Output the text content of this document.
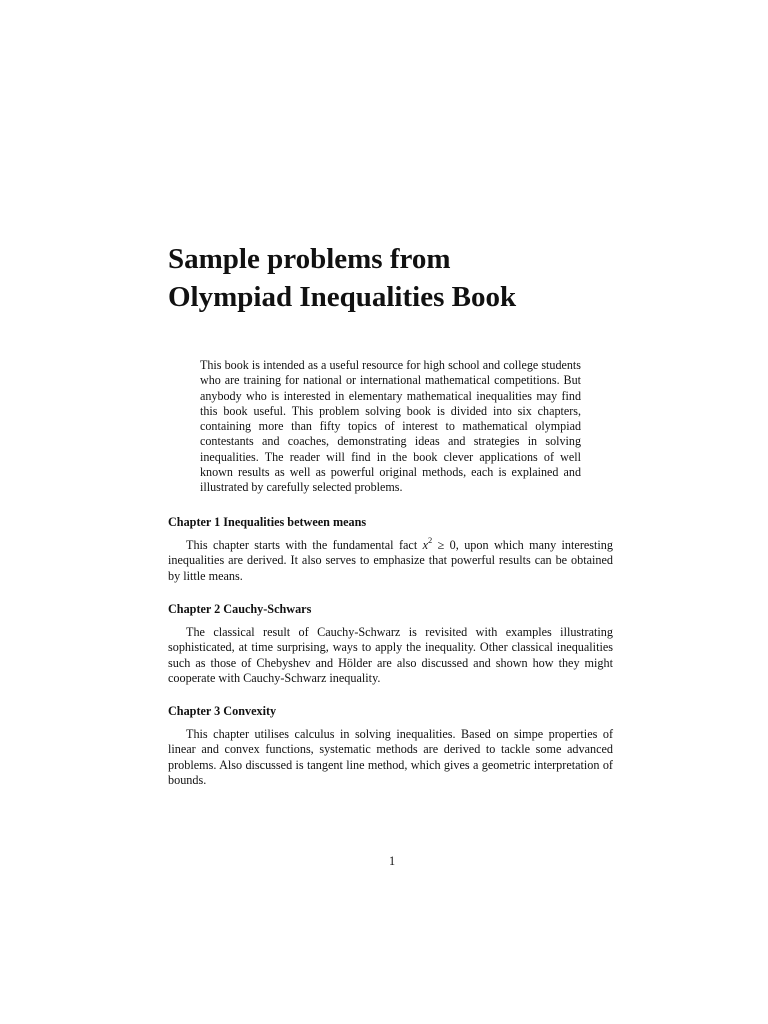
Sample problems from
Olympiad Inequalities Book

This book is intended as a useful resource for high school and college students who are training for national or international mathematical competitions. But anybody who is interested in elementary mathematical inequalities may find this book useful. This problem solving book is divided into six chapters, containing more than fifty topics of interest to mathematical olympiad contestants and coaches, demonstrating ideas and strategies in solving inequalities. The reader will find in the book clever applications of well known results as well as powerful original methods, each is explained and illustrated by carefully selected problems.

Chapter 1 Inequalities between means

This chapter starts with the fundamental fact $x^2 \ge 0$, upon which many interesting inequalities are derived. It also serves to emphasize that powerful results can be obtained by little means.

Chapter 2 Cauchy-Schwars

The classical result of Cauchy-Schwarz is revisited with examples illustrating sophisticated, at time surprising, ways to apply the inequality. Other classical inequalities such as those of Chebyshev and Hölder are also discussed and shown how they might cooperate with Cauchy-Schwarz inequality.

Chapter 3 Convexity

This chapter utilises calculus in solving inequalities. Based on simpe properties of linear and convex functions, systematic methods are derived to tackle some advanced problems. Also discussed is tangent line method, which gives a geometric interpretation of bounds.

1
